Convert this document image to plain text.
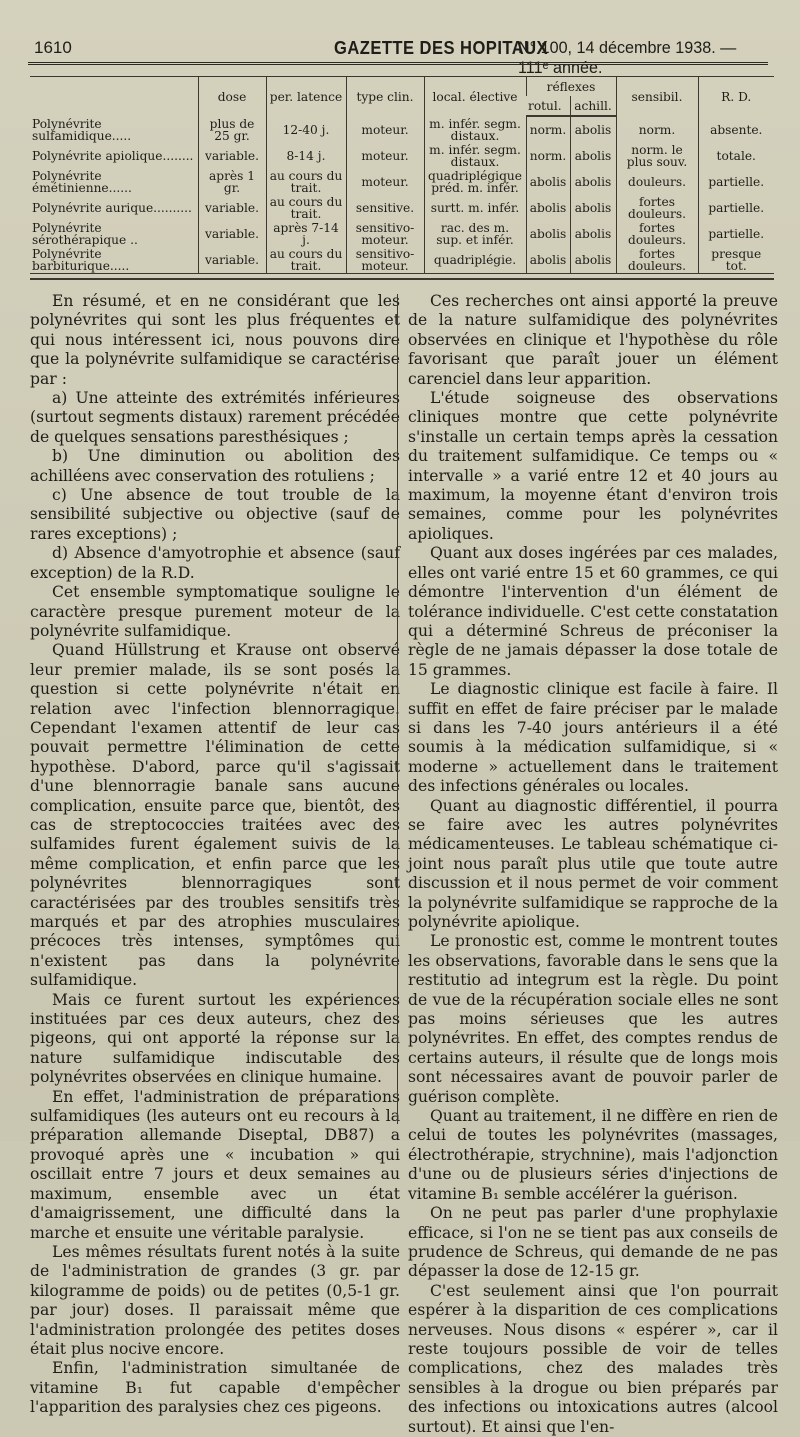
1610	GAZETTE DES HOPITAUX
N° 100, 14 décembre 1938. — 111ᵉ année.
	dose	per. latence	type clin.	local. élective	réflexes		sensibil.	R. D.
					rotul.	achill.		
Polynévrite sulfamidique.....	plus de 25 gr.	12-40 j.	moteur.	m. infér. segm. distaux.	norm.	abolis	norm.	absente.
Polynévrite apiolique........	variable.	8-14 j.	moteur.	m. infér. segm. distaux.	norm.	abolis	norm. le plus souv.	totale.
Polynévrite émétinienne......	après 1 gr.	au cours du trait.	moteur.	quadriplégique préd. m. infér.	abolis	abolis	douleurs.	partielle.
Polynévrite aurique..........	variable.	au cours du trait.	sensitive.	surtt. m. infér.	abolis	abolis	fortes douleurs.	partielle.
Polynévrite sérothérapique ..	variable.	après 7-14 j.	sensitivo-moteur.	rac. des m. sup. et infér.	abolis	abolis	fortes douleurs.	partielle.
Polynévrite barbiturique.....	variable.	au cours du trait.	sensitivo-moteur.	quadriplégie.	abolis	abolis	fortes douleurs.	presque tot.

En résumé, et en ne considérant que les polynévrites qui sont les plus fréquentes et qui nous intéressent ici, nous pouvons dire que la polynévrite sulfamidique se caractérise par :

a) Une atteinte des extrémités inférieures (surtout segments distaux) rarement précédée de quelques sensations paresthésiques ;

b) Une diminution ou abolition des achilléens avec conservation des rotuliens ;

c) Une absence de tout trouble de la sensibilité subjective ou objective (sauf de rares exceptions) ;

d) Absence d'amyotrophie et absence (sauf exception) de la R.D.

Cet ensemble symptomatique souligne le caractère presque purement moteur de la polynévrite sulfamidique.

Quand Hüllstrung et Krause ont observé leur premier malade, ils se sont posés la question si cette polynévrite n'était en relation avec l'infection blennorragique. Cependant l'examen attentif de leur cas pouvait permettre l'élimination de cette hypothèse. D'abord, parce qu'il s'agissait d'une blennorragie banale sans aucune complication, ensuite parce que, bientôt, des cas de streptococcies traitées avec des sulfamides furent également suivis de la même complication, et enfin parce que les polynévrites blennorragiques sont caractérisées par des troubles sensitifs très marqués et par des atrophies musculaires précoces très intenses, symptômes qui n'existent pas dans la polynévrite sulfamidique.

Mais ce furent surtout les expériences instituées par ces deux auteurs, chez des pigeons, qui ont apporté la réponse sur la nature sulfamidique indiscutable des polynévrites observées en clinique humaine.

En effet, l'administration de préparations sulfamidiques (les auteurs ont eu recours à la préparation allemande Diseptal, DB87) a provoqué après une « incubation » qui oscillait entre 7 jours et deux semaines au maximum, ensemble avec un état d'amaigrissement, une difficulté dans la marche et ensuite une véritable paralysie.

Les mêmes résultats furent notés à la suite de l'administration de grandes (3 gr. par kilogramme de poids) ou de petites (0,5-1 gr. par jour) doses. Il paraissait même que l'administration prolongée des petites doses était plus nocive encore.

Enfin, l'administration simultanée de vitamine B₁ fut capable d'empêcher l'apparition des paralysies chez ces pigeons.

Ces recherches ont ainsi apporté la preuve de la nature sulfamidique des polynévrites observées en clinique et l'hypothèse du rôle favorisant que paraît jouer un élément carenciel dans leur apparition.

L'étude soigneuse des observations cliniques montre que cette polynévrite s'installe un certain temps après la cessation du traitement sulfamidique. Ce temps ou « intervalle » a varié entre 12 et 40 jours au maximum, la moyenne étant d'environ trois semaines, comme pour les polynévrites apioliques.

Quant aux doses ingérées par ces malades, elles ont varié entre 15 et 60 grammes, ce qui démontre l'intervention d'un élément de tolérance individuelle. C'est cette constatation qui a déterminé Schreus de préconiser la règle de ne jamais dépasser la dose totale de 15 grammes.

Le diagnostic clinique est facile à faire. Il suffit en effet de faire préciser par le malade si dans les 7-40 jours antérieurs il a été soumis à la médication sulfamidique, si « moderne » actuellement dans le traitement des infections générales ou locales.

Quant au diagnostic différentiel, il pourra se faire avec les autres polynévrites médicamenteuses. Le tableau schématique ci-joint nous paraît plus utile que toute autre discussion et il nous permet de voir comment la polynévrite sulfamidique se rapproche de la polynévrite apiolique.

Le pronostic est, comme le montrent toutes les observations, favorable dans le sens que la restitutio ad integrum est la règle. Du point de vue de la récupération sociale elles ne sont pas moins sérieuses que les autres polynévrites. En effet, des comptes rendus de certains auteurs, il résulte que de longs mois sont nécessaires avant de pouvoir parler de guérison complète.

Quant au traitement, il ne diffère en rien de celui de toutes les polynévrites (massages, électrothérapie, strychnine), mais l'adjonction d'une ou de plusieurs séries d'injections de vitamine B₁ semble accélérer la guérison.

On ne peut pas parler d'une prophylaxie efficace, si l'on ne se tient pas aux conseils de prudence de Schreus, qui demande de ne pas dépasser la dose de 12-15 gr.

C'est seulement ainsi que l'on pourrait espérer à la disparition de ces complications nerveuses. Nous disons « espérer », car il reste toujours possible de voir de telles complications, chez des malades très sensibles à la drogue ou bien préparés par des infections ou intoxications autres (alcool surtout). Et ainsi que l'en-
